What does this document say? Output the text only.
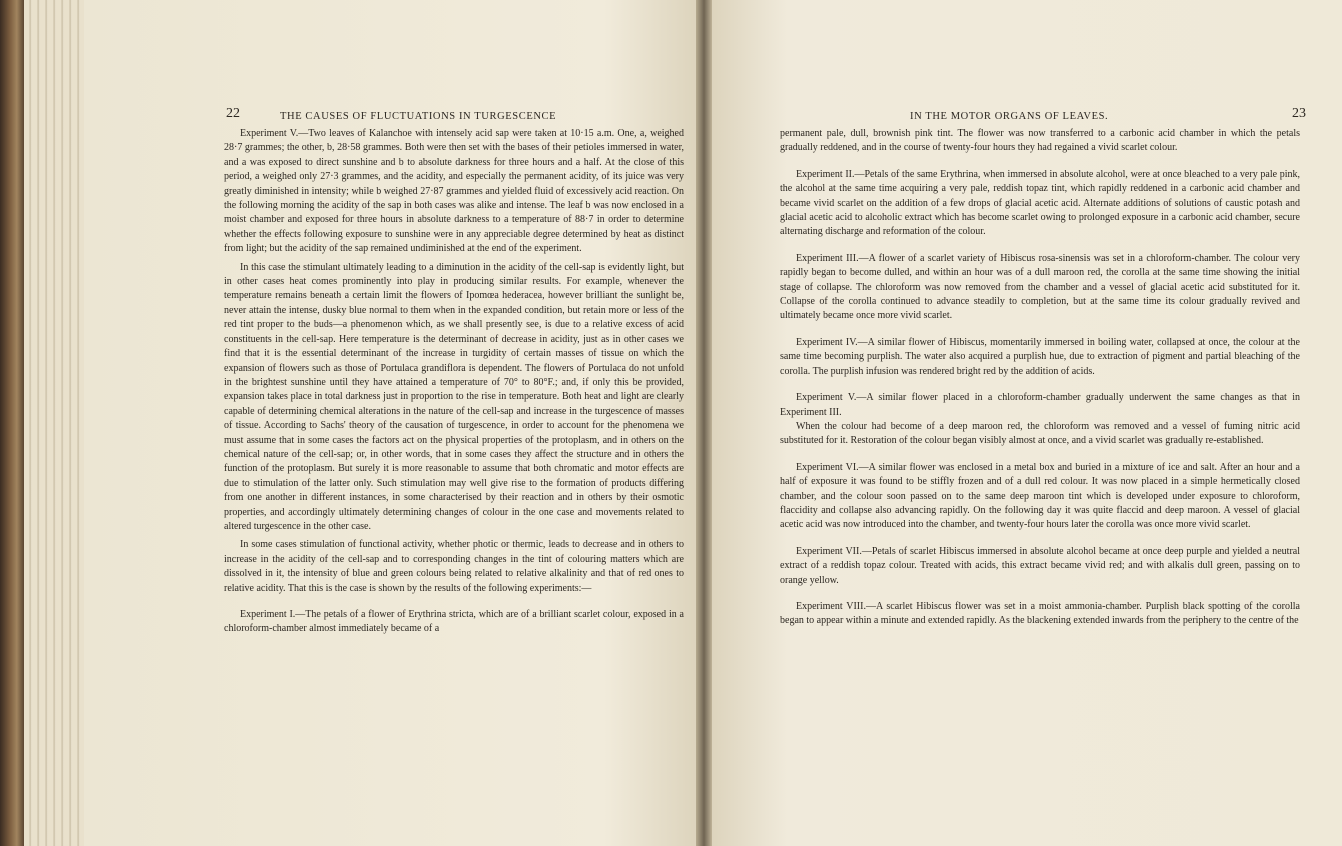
22	THE CAUSES OF FLUCTUATIONS IN TURGESCENCE

Experiment V.—Two leaves of Kalanchoe with intensely acid sap were taken at 10·15 a.m. One, a, weighed 28·7 grammes; the other, b, 28·58 grammes. Both were then set with the bases of their petioles immersed in water, and a was exposed to direct sunshine and b to absolute darkness for three hours and a half. At the close of this period, a weighed only 27·3 grammes, and the acidity, and especially the permanent acidity, of its juice was very greatly diminished in intensity; while b weighed 27·87 grammes and yielded fluid of excessively acid reaction. On the following morning the acidity of the sap in both cases was alike and intense. The leaf b was now enclosed in a moist chamber and exposed for three hours in absolute darkness to a temperature of 88·7 in order to determine whether the effects following exposure to sunshine were in any appreciable degree determined by heat as distinct from light; but the acidity of the sap remained undiminished at the end of the experiment.

In this case the stimulant ultimately leading to a diminution in the acidity of the cell-sap is evidently light, but in other cases heat comes prominently into play in producing similar results. For example, whenever the temperature remains beneath a certain limit the flowers of Ipomœa hederacea, however brilliant the sunlight be, never attain the intense, dusky blue normal to them when in the expanded condition, but retain more or less of the red tint proper to the buds—a phenomenon which, as we shall presently see, is due to a relative excess of acid constituents in the cell-sap. Here temperature is the determinant of decrease in acidity, just as in other cases we find that it is the essential determinant of the increase in turgidity of certain masses of tissue on which the expansion of flowers such as those of Portulaca grandiflora is dependent. The flowers of Portulaca do not unfold in the brightest sunshine until they have attained a temperature of 70° to 80°F.; and, if only this be provided, expansion takes place in total darkness just in proportion to the rise in temperature. Both heat and light are clearly capable of determining chemical alterations in the nature of the cell-sap and increase in the turgescence of masses of tissue. According to Sachs' theory of the causation of turgescence, in order to account for the phenomena we must assume that in some cases the factors act on the physical properties of the protoplasm, and in others on the chemical nature of the cell-sap; or, in other words, that in some cases they affect the structure and in others the function of the protoplasm. But surely it is more reasonable to assume that both chromatic and motor effects are due to stimulation of the latter only. Such stimulation may well give rise to the formation of products differing from one another in different instances, in some characterised by their reaction and in others by their osmotic properties, and accordingly ultimately determining changes of colour in the one case and movements related to altered turgescence in the other case.

In some cases stimulation of functional activity, whether photic or thermic, leads to decrease and in others to increase in the acidity of the cell-sap and to corresponding changes in the tint of colouring matters which are dissolved in it, the intensity of blue and green colours being related to relative alkalinity and that of red ones to relative acidity. That this is the case is shown by the results of the following experiments:—

Experiment I.—The petals of a flower of Erythrina stricta, which are of a brilliant scarlet colour, exposed in a chloroform-chamber almost immediately became of a

IN THE MOTOR ORGANS OF LEAVES.	23

permanent pale, dull, brownish pink tint. The flower was now transferred to a carbonic acid chamber in which the petals gradually reddened, and in the course of twenty-four hours they had regained a vivid scarlet colour.

Experiment II.—Petals of the same Erythrina, when immersed in absolute alcohol, were at once bleached to a very pale pink, the alcohol at the same time acquiring a very pale, reddish topaz tint, which rapidly reddened in a carbonic acid chamber and became vivid scarlet on the addition of a few drops of glacial acetic acid. Alternate additions of solutions of caustic potash and glacial acetic acid to alcoholic extract which has become scarlet owing to prolonged exposure in a carbonic acid chamber, secure alternating discharge and reformation of the colour.

Experiment III.—A flower of a scarlet variety of Hibiscus rosa-sinensis was set in a chloroform-chamber. The colour very rapidly began to become dulled, and within an hour was of a dull maroon red, the corolla at the same time showing the initial stage of collapse. The chloroform was now removed from the chamber and a vessel of glacial acetic acid substituted for it. Collapse of the corolla continued to advance steadily to completion, but at the same time its colour gradually revived and ultimately became once more vivid scarlet.

Experiment IV.—A similar flower of Hibiscus, momentarily immersed in boiling water, collapsed at once, the colour at the same time becoming purplish. The water also acquired a purplish hue, due to extraction of pigment and partial bleaching of the corolla. The purplish infusion was rendered bright red by the addition of acids.

Experiment V.—A similar flower placed in a chloroform-chamber gradually underwent the same changes as that in Experiment III.

When the colour had become of a deep maroon red, the chloroform was removed and a vessel of fuming nitric acid substituted for it. Restoration of the colour began visibly almost at once, and a vivid scarlet was gradually re-established.

Experiment VI.—A similar flower was enclosed in a metal box and buried in a mixture of ice and salt. After an hour and a half of exposure it was found to be stiffly frozen and of a dull red colour. It was now placed in a simple hermetically closed chamber, and the colour soon passed on to the same deep maroon tint which is developed under exposure to chloroform, flaccidity and collapse also advancing rapidly. On the following day it was quite flaccid and deep maroon. A vessel of glacial acetic acid was now introduced into the chamber, and twenty-four hours later the corolla was once more vivid scarlet.

Experiment VII.—Petals of scarlet Hibiscus immersed in absolute alcohol became at once deep purple and yielded a neutral extract of a reddish topaz colour. Treated with acids, this extract became vivid red; and with alkalis dull green, passing on to orange yellow.

Experiment VIII.—A scarlet Hibiscus flower was set in a moist ammonia-chamber. Purplish black spotting of the corolla began to appear within a minute and extended rapidly. As the blackening extended inwards from the periphery to the centre of the
